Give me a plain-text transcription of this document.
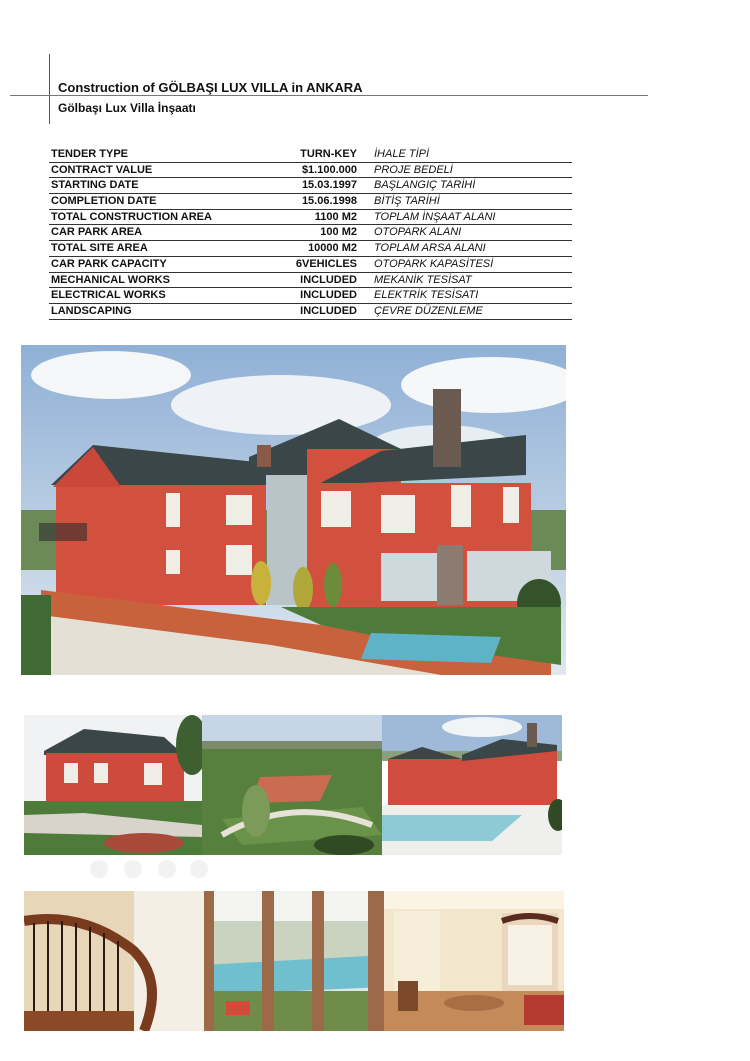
Construction of GÖLBAŞI LUX VILLA in ANKARA
Gölbaşı Lux Villa İnşaatı
TENDER TYPE	TURN-KEY İHALE TİPİ
CONTRACT VALUE	$1.100.000 PROJE BEDELİ
STARTING DATE	15.03.1997 BAŞLANGIÇ TARİHİ
COMPLETION DATE	15.06.1998 BİTİŞ TARİHİ
TOTAL CONSTRUCTION AREA	1100 M2 TOPLAM İNŞAAT ALANI
CAR PARK AREA	100 M2 OTOPARK ALANI
TOTAL SITE AREA	10000 M2 TOPLAM ARSA ALANI
CAR PARK CAPACITY	6VEHICLES OTOPARK KAPASİTESİ
MECHANICAL WORKS	INCLUDED MEKANİK TESİSAT
ELECTRICAL WORKS	INCLUDED ELEKTRİK TESİSATI
LANDSCAPING	INCLUDED ÇEVRE DÜZENLEME
